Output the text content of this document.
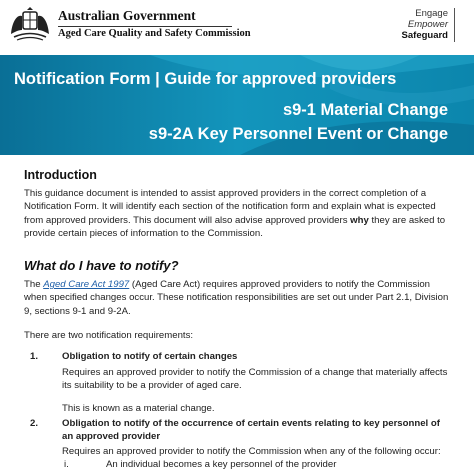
Australian Government
Aged Care Quality and Safety Commission
Engage
Empower
Safeguard
Notification Form | Guide for approved providers
s9-1 Material Change
s9-2A Key Personnel Event or Change
Introduction
This guidance document is intended to assist approved providers in the correct completion of a Notification Form. It will identify each section of the notification form and explain what is expected from approved providers. This document will also advise approved providers why they are asked to provide certain pieces of information to the Commission.
What do I have to notify?
The Aged Care Act 1997 (Aged Care Act) requires approved providers to notify the Commission when specified changes occur. These notification responsibilities are set out under Part 2.1, Division 9, sections 9-1 and 9-2A.
There are two notification requirements:
1. Obligation to notify of certain changes
Requires an approved provider to notify the Commission of a change that materially affects its suitability to be a provider of aged care.
This is known as a material change.
2. Obligation to notify of the occurrence of certain events relating to key personnel of an approved provider
Requires an approved provider to notify the Commission when any of the following occur:
i.	An individual becomes a key personnel of the provider
